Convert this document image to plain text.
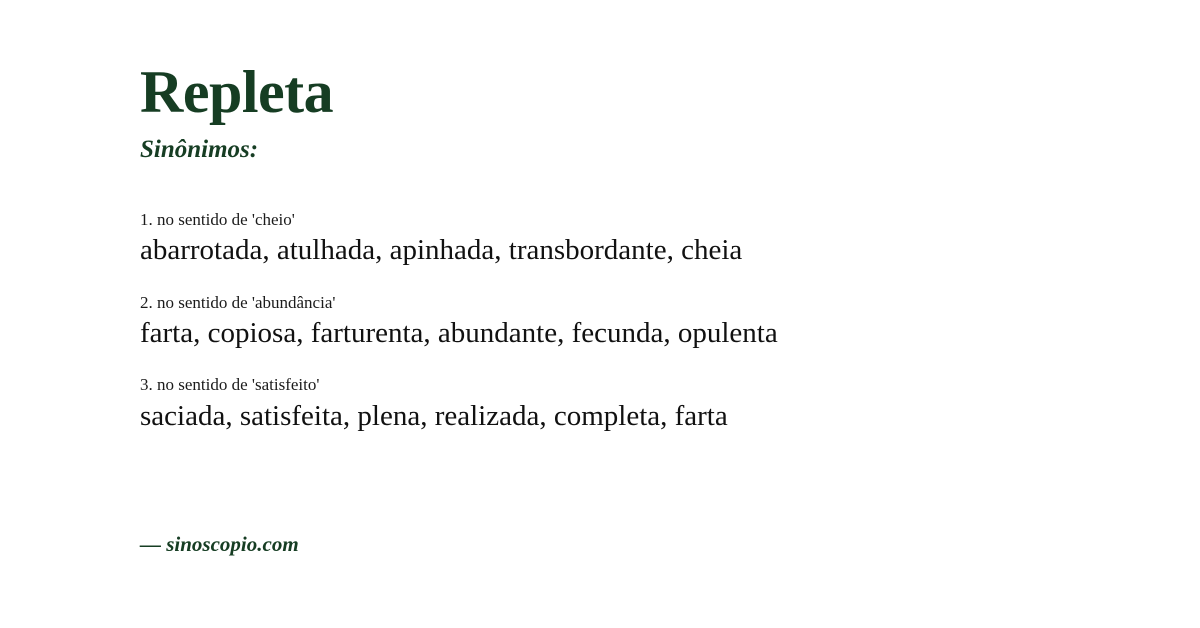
Repleta
Sinônimos:

1. no sentido de 'cheio'

abarrotada, atulhada, apinhada, transbordante, cheia

2. no sentido de 'abundância'

farta, copiosa, farturenta, abundante, fecunda, opulenta

3. no sentido de 'satisfeito'

saciada, satisfeita, plena, realizada, completa, farta

— sinoscopio.com
